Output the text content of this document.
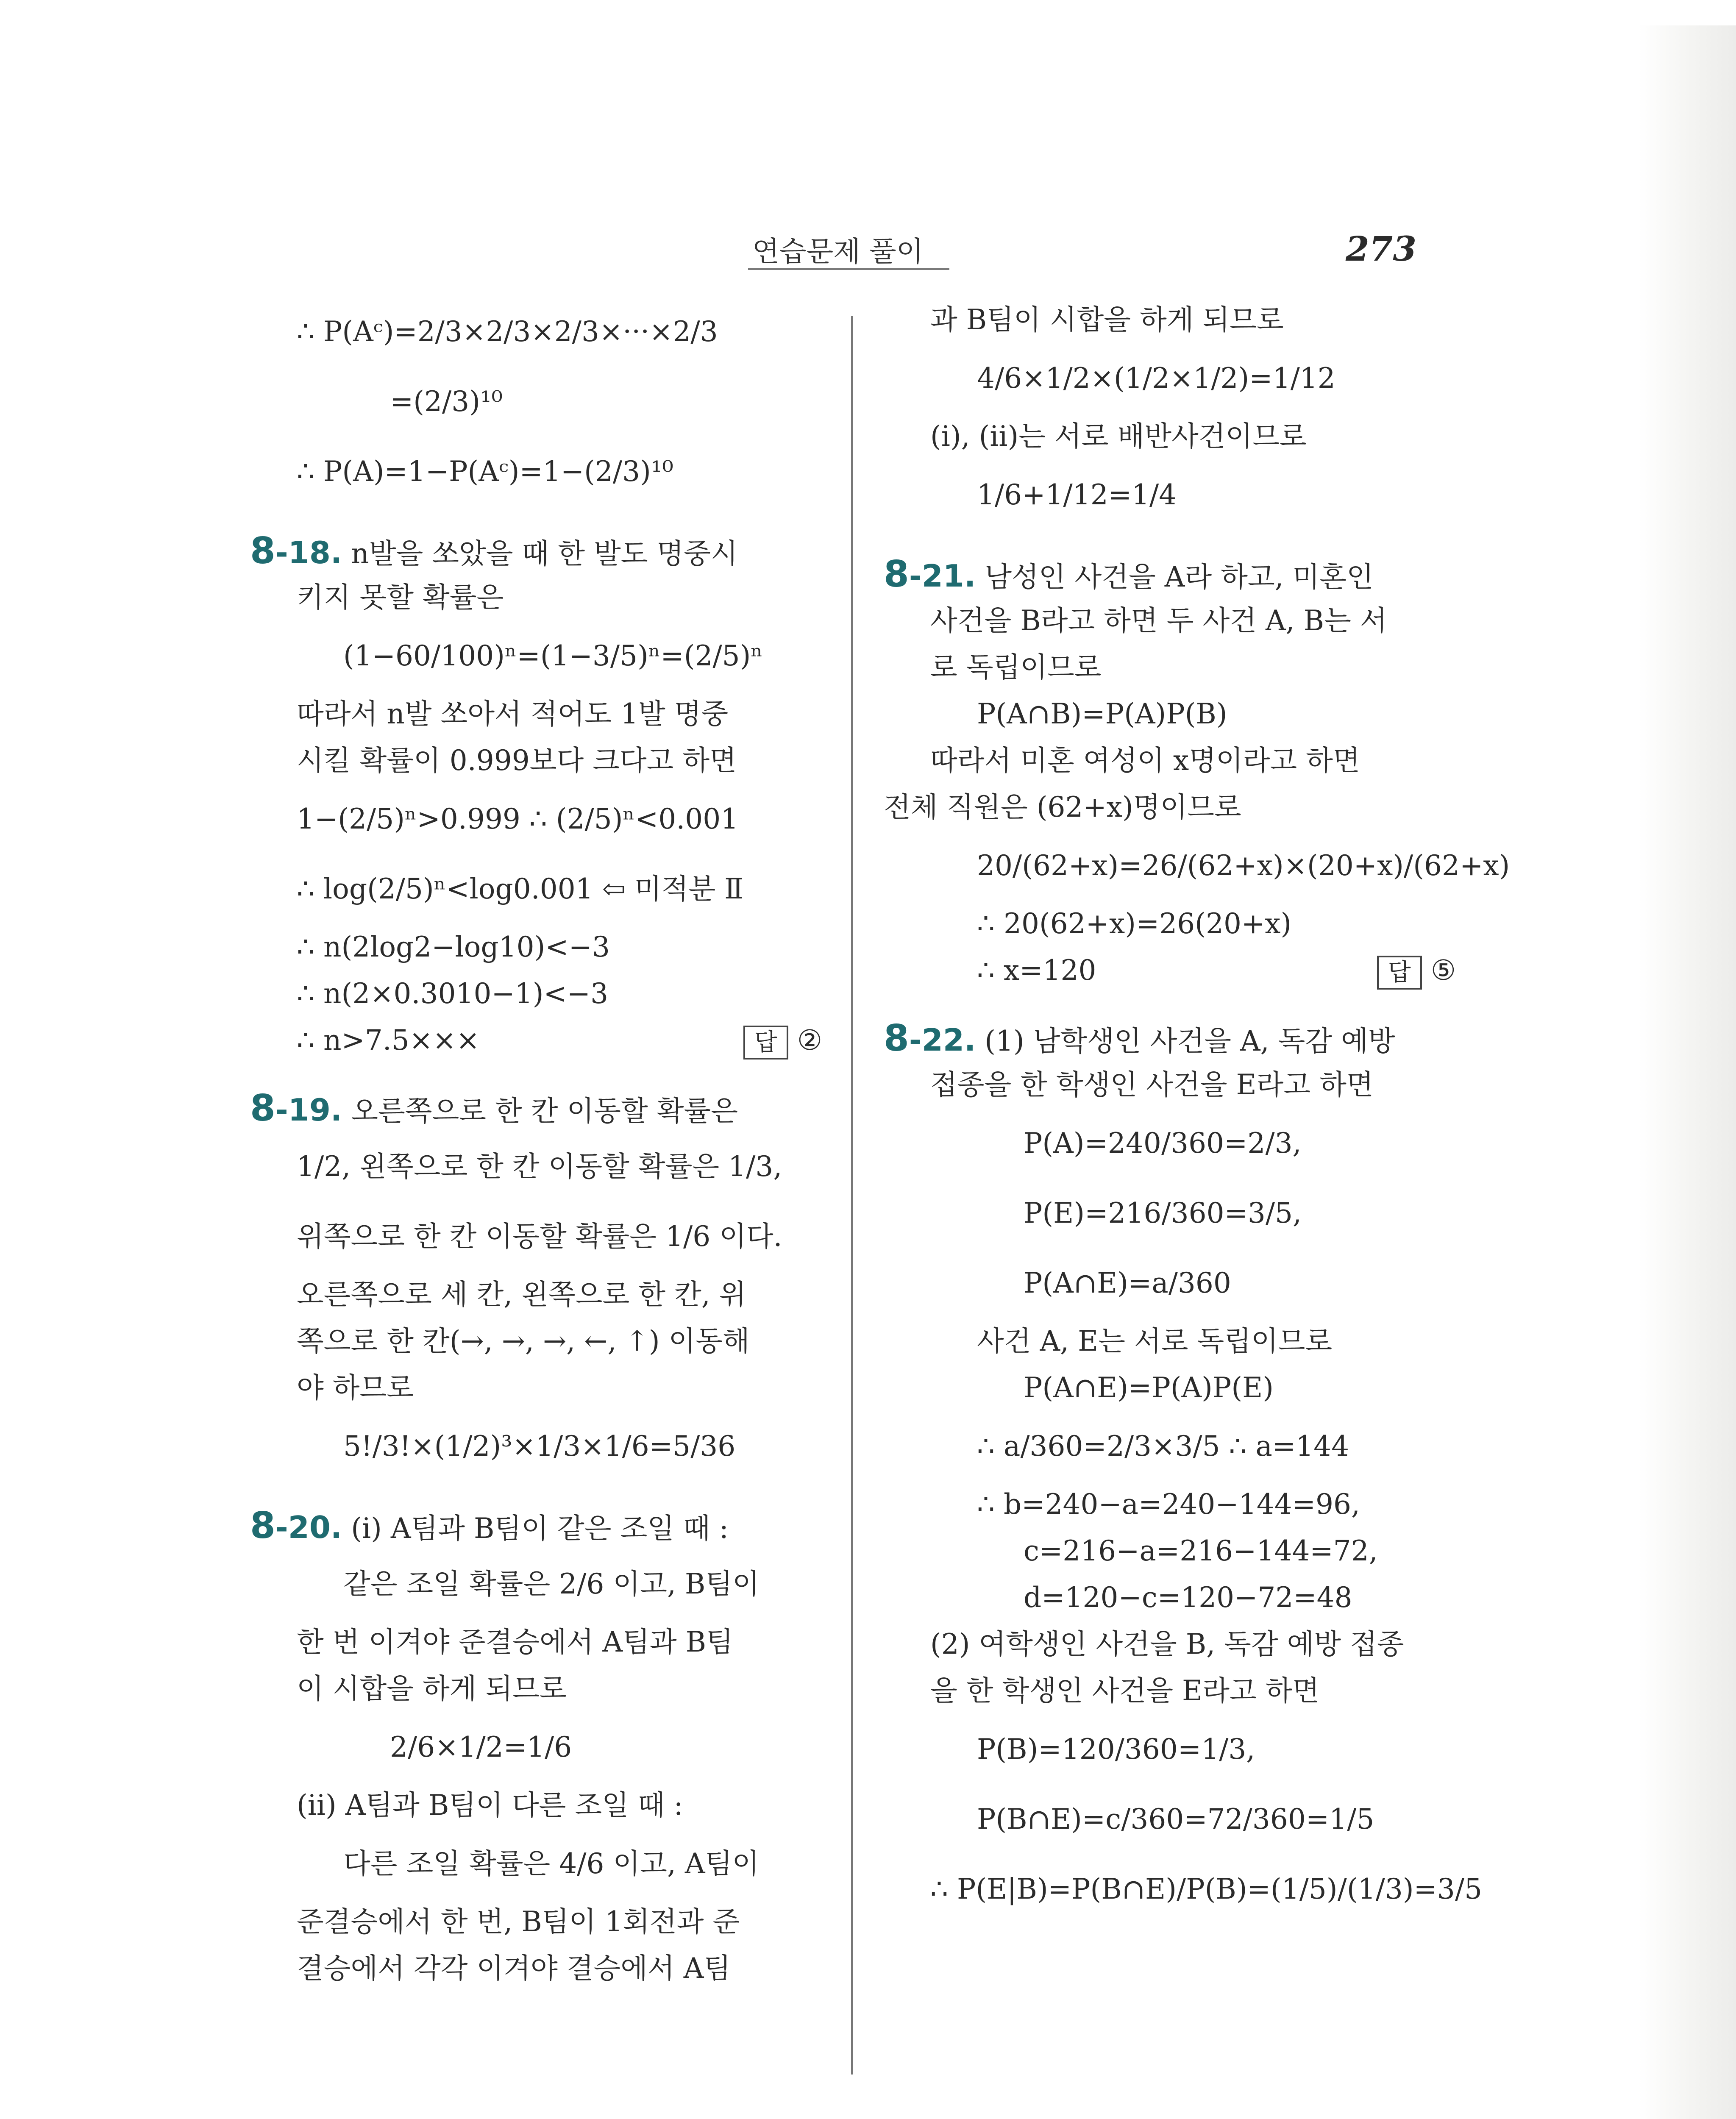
연습문제 풀이	273
∴ P(Aᶜ)=2/3×2/3×2/3×···×2/3
=(2/3)¹⁰
∴ P(A)=1−P(Aᶜ)=1−(2/3)¹⁰
8-18. n발을 쏘았을 때 한 발도 명중시
키지 못할 확률은
(1−60/100)ⁿ=(1−3/5)ⁿ=(2/5)ⁿ
따라서 n발 쏘아서 적어도 1발 명중
시킬 확률이 0.999보다 크다고 하면
1−(2/5)ⁿ>0.999 ∴ (2/5)ⁿ<0.001
∴ log(2/5)ⁿ<log0.001 ⇦ 미적분 Ⅱ
∴ n(2log2−log10)<−3
∴ n(2×0.3010−1)<−3
∴ n>7.5×××	답 ②
8-19. 오른쪽으로 한 칸 이동할 확률은
1/2, 왼쪽으로 한 칸 이동할 확률은 1/3,
위쪽으로 한 칸 이동할 확률은 1/6 이다.
오른쪽으로 세 칸, 왼쪽으로 한 칸, 위
쪽으로 한 칸(→, →, →, ←, ↑) 이동해
야 하므로
5!/3!×(1/2)³×1/3×1/6=5/36
8-20. (i) A팀과 B팀이 같은 조일 때 :
같은 조일 확률은 2/6 이고, B팀이
한 번 이겨야 준결승에서 A팀과 B팀
이 시합을 하게 되므로
2/6×1/2=1/6
(ii) A팀과 B팀이 다른 조일 때 :
다른 조일 확률은 4/6 이고, A팀이
준결승에서 한 번, B팀이 1회전과 준
결승에서 각각 이겨야 결승에서 A팀
과 B팀이 시합을 하게 되므로
4/6×1/2×(1/2×1/2)=1/12
(i), (ii)는 서로 배반사건이므로
1/6+1/12=1/4
8-21. 남성인 사건을 A라 하고, 미혼인
사건을 B라고 하면 두 사건 A, B는 서
로 독립이므로
P(A∩B)=P(A)P(B)
따라서 미혼 여성이 x명이라고 하면
전체 직원은 (62+x)명이므로
20/(62+x)=26/(62+x)×(20+x)/(62+x)
∴ 20(62+x)=26(20+x)
∴ x=120	답 ⑤
8-22. (1) 남학생인 사건을 A, 독감 예방
접종을 한 학생인 사건을 E라고 하면
P(A)=240/360=2/3,
P(E)=216/360=3/5,
P(A∩E)=a/360
사건 A, E는 서로 독립이므로
P(A∩E)=P(A)P(E)
∴ a/360=2/3×3/5 ∴ a=144
∴ b=240−a=240−144=96,
c=216−a=216−144=72,
d=120−c=120−72=48
(2) 여학생인 사건을 B, 독감 예방 접종
을 한 학생인 사건을 E라고 하면
P(B)=120/360=1/3,
P(B∩E)=c/360=72/360=1/5
∴ P(E|B)=P(B∩E)/P(B)=(1/5)/(1/3)=3/5
